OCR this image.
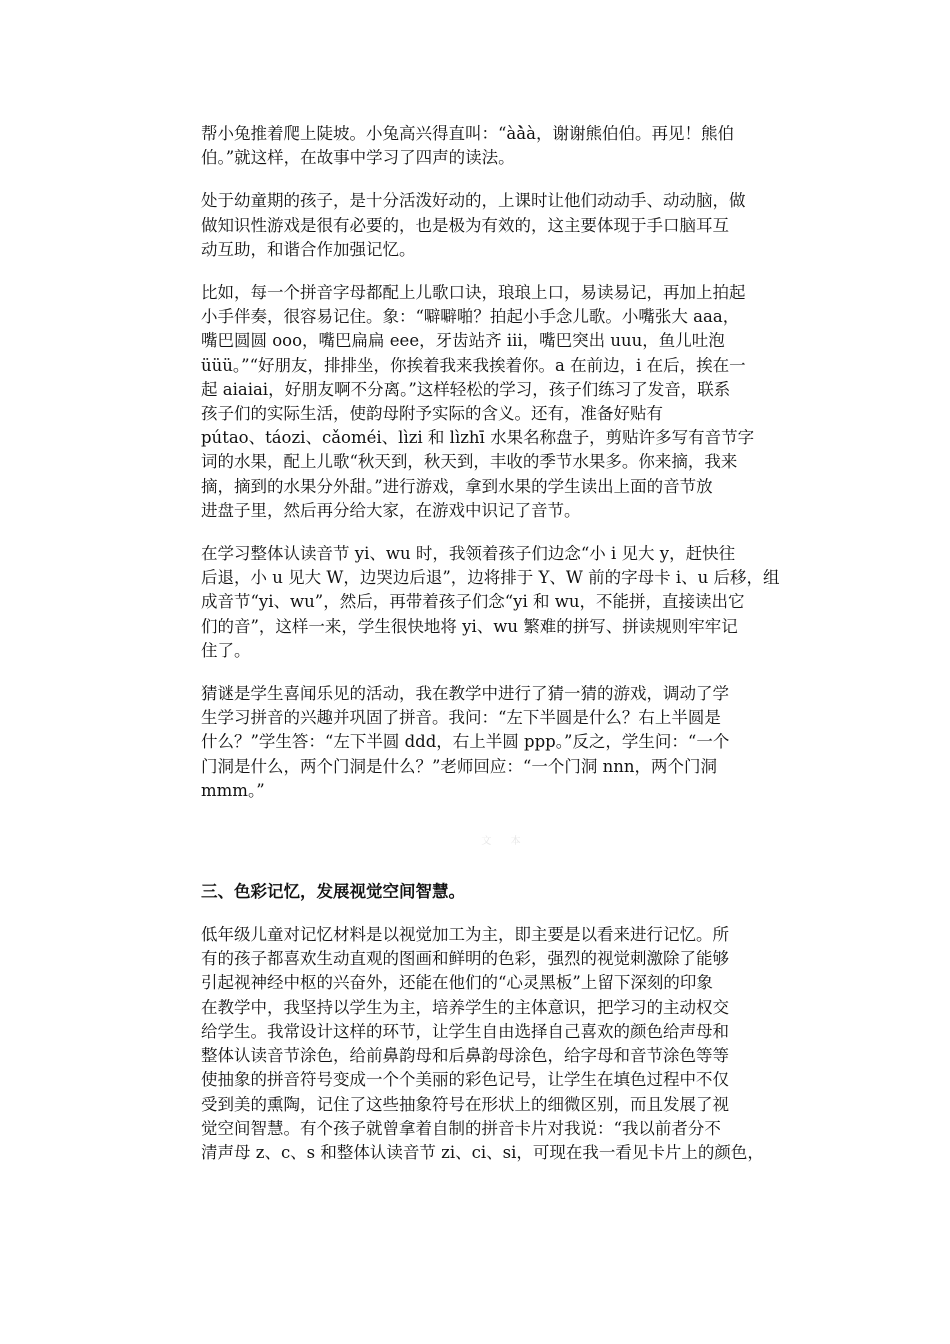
帮小兔推着爬上陡坡。小兔高兴得直叫：“àà̀à，谢谢熊伯伯。再见！熊伯
伯。”就这样，在故事中学习了四声的读法。

处于幼童期的孩子，是十分活泼好动的，上课时让他们动动手、动动脑，做
做知识性游戏是很有必要的，也是极为有效的，这主要体现于手口脑耳互
动互助，和谐合作加强记忆。

比如，每一个拼音字母都配上儿歌口诀，琅琅上口，易读易记，再加上拍起
小手伴奏，很容易记住。象：“噼噼啪？拍起小手念儿歌。小嘴张大 aaa，
嘴巴圆圆 ooo，嘴巴扁扁 eee，牙齿站齐 iii，嘴巴突出 uuu，鱼儿吐泡
üüü。”“好朋友，排排坐，你挨着我来我挨着你。a 在前边，i 在后，挨在一
起 aiaiai，好朋友啊不分离。”这样轻松的学习，孩子们练习了发音，联系
孩子们的实际生活，使韵母附予实际的含义。还有，准备好贴有
pútao、táozi、cǎoméi、lìzi 和 lìzhī 水果名称盘子，剪贴许多写有音节字
词的水果，配上儿歌“秋天到，秋天到，丰收的季节水果多。你来摘，我来
摘，摘到的水果分外甜。”进行游戏，拿到水果的学生读出上面的音节放
进盘子里，然后再分给大家，在游戏中识记了音节。

在学习整体认读音节 yi、wu 时，我领着孩子们边念“小 i 见大 y，赶快往
后退，小 u 见大 W，边哭边后退”，边将排于 Y、W 前的字母卡 i、u 后移，组
成音节“yi、wu”，然后，再带着孩子们念“yi 和 wu，不能拼，直接读出它
们的音”，这样一来，学生很快地将 yi、wu 繁难的拼写、拼读规则牢牢记
住了。

猜谜是学生喜闻乐见的活动，我在教学中进行了猜一猜的游戏，调动了学
生学习拼音的兴趣并巩固了拼音。我问：“左下半圆是什么？右上半圆是
什么？”学生答：“左下半圆 ddd，右上半圆 ppp。”反之，学生问：“一个
门洞是什么，两个门洞是什么？”老师回应：“一个门洞 nnn，两个门洞
mmm。”

文 本

三、色彩记忆，发展视觉空间智慧。

低年级儿童对记忆材料是以视觉加工为主，即主要是以看来进行记忆。所
有的孩子都喜欢生动直观的图画和鲜明的色彩，强烈的视觉刺激除了能够
引起视神经中枢的兴奋外，还能在他们的“心灵黑板”上留下深刻的印象
在教学中，我坚持以学生为主，培养学生的主体意识，把学习的主动权交
给学生。我常设计这样的环节，让学生自由选择自己喜欢的颜色给声母和
整体认读音节涂色，给前鼻韵母和后鼻韵母涂色，给字母和音节涂色等等
使抽象的拼音符号变成一个个美丽的彩色记号，让学生在填色过程中不仅
受到美的熏陶，记住了这些抽象符号在形状上的细微区别，而且发展了视
觉空间智慧。有个孩子就曾拿着自制的拼音卡片对我说：“我以前者分不
清声母 z、c、s 和整体认读音节 zi、ci、si，可现在我一看见卡片上的颜色，
